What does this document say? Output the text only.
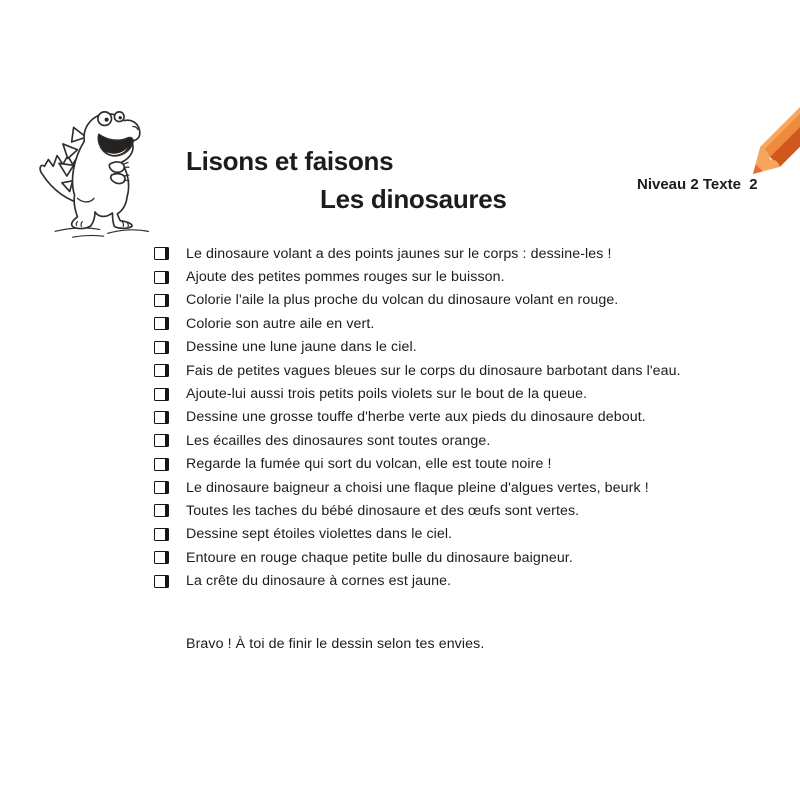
Lisons et faisons
Les dinosaures	Niveau 2 Texte  2
Le dinosaure volant a des points jaunes sur le corps : dessine-les !
Ajoute des petites pommes rouges sur le buisson.
Colorie l'aile la plus proche du volcan du dinosaure volant en rouge.
Colorie son autre aile en vert.
Dessine une lune jaune dans le ciel.
Fais de petites vagues bleues sur le corps du dinosaure barbotant dans l'eau.
Ajoute-lui aussi trois petits poils violets sur le bout de la queue.
Dessine une grosse touffe d'herbe verte aux pieds du dinosaure debout.
Les écailles des dinosaures sont toutes orange.
Regarde la fumée qui sort du volcan, elle est toute noire !
Le dinosaure baigneur a choisi une flaque pleine d'algues vertes, beurk !
Toutes les taches du bébé dinosaure et des œufs sont vertes.
Dessine sept étoiles violettes dans le ciel.
Entoure en rouge chaque petite bulle du dinosaure baigneur.
La crête du dinosaure à cornes est jaune.
Bravo ! À toi de finir le dessin selon tes envies.
